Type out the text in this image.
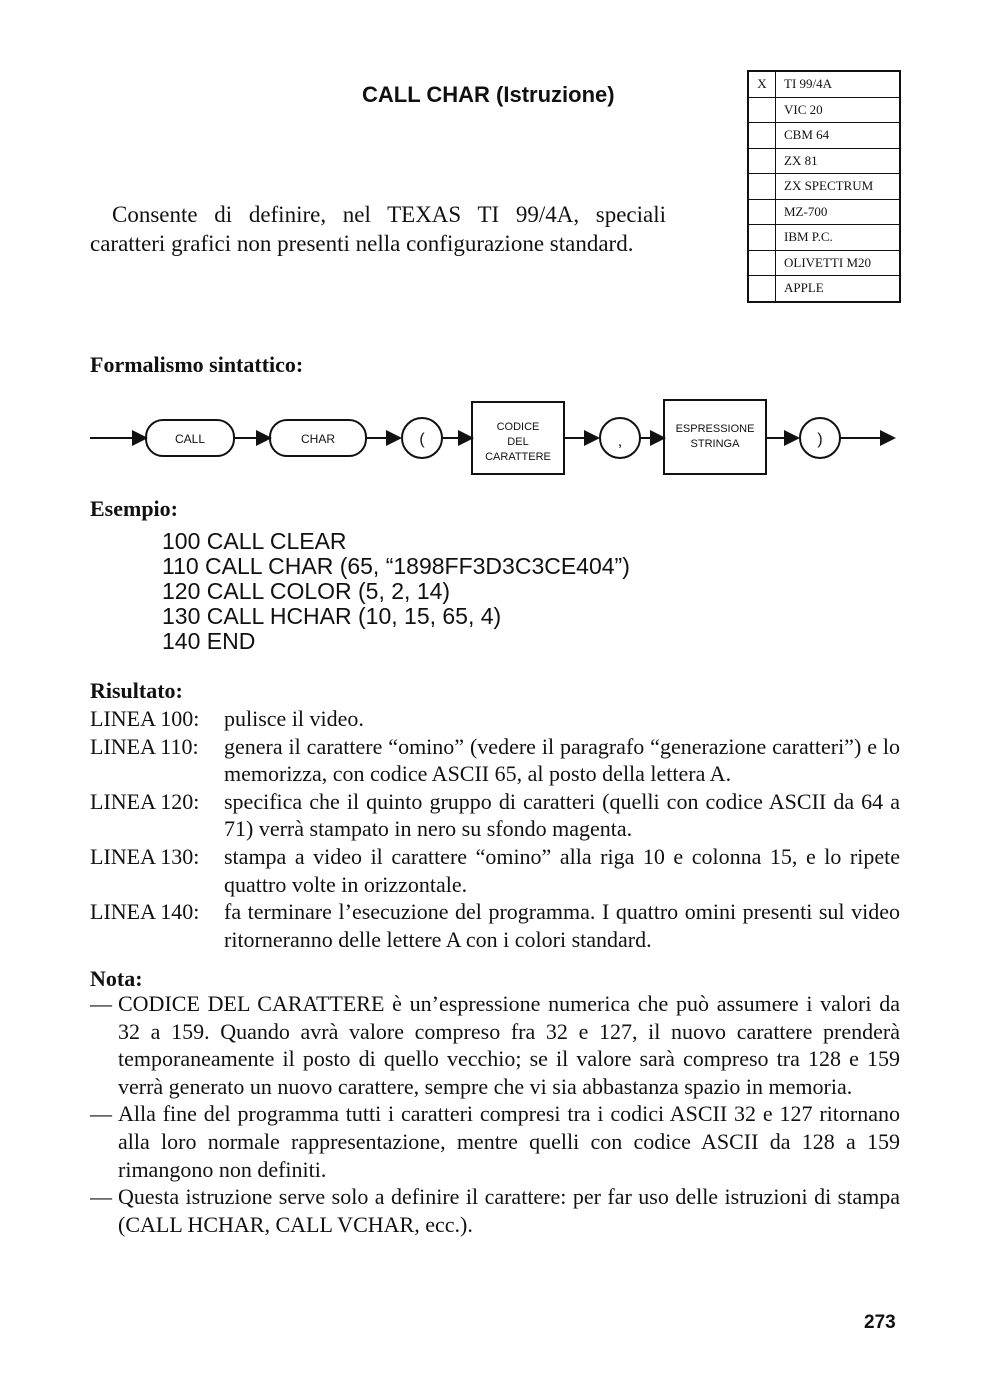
CALL CHAR (Istruzione)	X	TI 99/4A
	VIC 20
	CBM 64
	ZX 81
	ZX SPECTRUM
	MZ-700
	IBM P.C.
	OLIVETTI M20
	APPLE

Consente di definire, nel TEXAS TI 99/4A, speciali caratteri grafici non presenti nella configurazione standard.

Formalismo sintattico:
CALL	CHAR	(
CODICE
DEL
CARATTERE
,
ESPRESSIONE
STRINGA	)
Esempio:
100 CALL CLEAR
110 CALL CHAR (65, “1898FF3D3C3CE404”)
120 CALL COLOR (5, 2, 14)
130 CALL HCHAR (10, 15, 65, 4)
140 END
Risultato:
LINEA 100:	pulisce il video.
LINEA 110:	genera il carattere “omino” (vedere il paragrafo “generazione caratteri”) e lo memorizza, con codice ASCII 65, al posto della lettera A.
LINEA 120:	specifica che il quinto gruppo di caratteri (quelli con codice ASCII da 64 a 71) verrà stampato in nero su sfondo magenta.
LINEA 130:	stampa a video il carattere “omino” alla riga 10 e colonna 15, e lo ripete quattro volte in orizzontale.
LINEA 140:	fa terminare l’esecuzione del programma. I quattro omini presenti sul video ritorneranno delle lettere A con i colori standard.
Nota:
— CODICE DEL CARATTERE è un’espressione numerica che può assumere i valori da 32 a 159. Quando avrà valore compreso fra 32 e 127, il nuovo carattere prenderà temporaneamente il posto di quello vecchio; se il valore sarà compreso tra 128 e 159 verrà generato un nuovo carattere, sempre che vi sia abbastanza spazio in memoria.
— Alla fine del programma tutti i caratteri compresi tra i codici ASCII 32 e 127 ritornano alla loro normale rappresentazione, mentre quelli con codice ASCII da 128 a 159 rimangono non definiti.
— Questa istruzione serve solo a definire il carattere: per far uso delle istruzioni di stampa (CALL HCHAR, CALL VCHAR, ecc.).
273
